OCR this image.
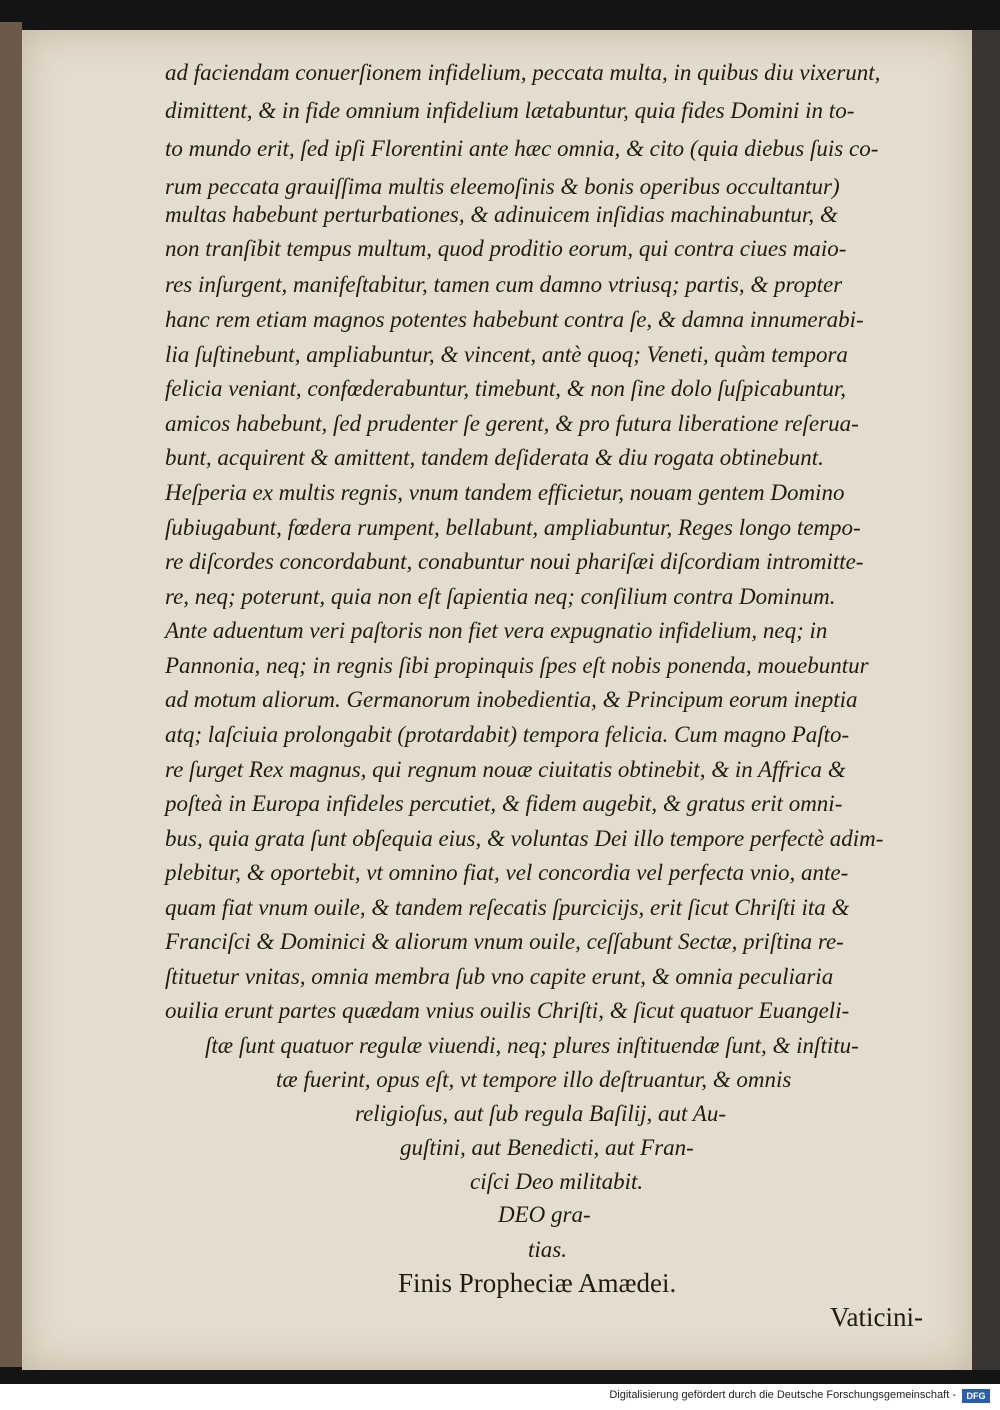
ad faciendam conuerſionem infidelium, peccata multa, in quibus diu vixerunt,
dimittent, & in fide omnium infidelium lætabuntur, quia fides Domini in to-
to mundo erit, ſed ipſi Florentini ante hæc omnia, & cito (quia diebus ſuis co-
rum peccata grauiſſima multis eleemoſinis & bonis operibus occultantur)
multas habebunt perturbationes, & adinuicem inſidias machinabuntur, &
non tranſibit tempus multum, quod proditio eorum, qui contra ciues maio-
res inſurgent, manifeſtabitur, tamen cum damno vtriusq; partis, & propter
hanc rem etiam magnos potentes habebunt contra ſe, & damna innumerabi-
lia ſuſtinebunt, ampliabuntur, & vincent, antè quoq; Veneti, quàm tempora
felicia veniant, confœderabuntur, timebunt, & non ſine dolo ſuſpicabuntur,
amicos habebunt, ſed prudenter ſe gerent, & pro futura liberatione reſerua-
bunt, acquirent & amittent, tandem deſiderata & diu rogata obtinebunt.
Heſperia ex multis regnis, vnum tandem efficietur, nouam gentem Domino
ſubiugabunt, fœdera rumpent, bellabunt, ampliabuntur, Reges longo tempo-
re diſcordes concordabunt, conabuntur noui phariſæi diſcordiam intromitte-
re, neq; poterunt, quia non eſt ſapientia neq; conſilium contra Dominum.
Ante aduentum veri paſtoris non fiet vera expugnatio infidelium, neq; in
Pannonia, neq; in regnis ſibi propinquis ſpes eſt nobis ponenda, mouebuntur
ad motum aliorum. Germanorum inobedientia, & Principum eorum ineptia
atq; laſciuia prolongabit (protardabit) tempora felicia. Cum magno Paſto-
re ſurget Rex magnus, qui regnum nouæ ciuitatis obtinebit, & in Affrica &
poſteà in Europa infideles percutiet, & fidem augebit, & gratus erit omni-
bus, quia grata ſunt obſequia eius, & voluntas Dei illo tempore perfectè adim-
plebitur, & oportebit, vt omnino fiat, vel concordia vel perfecta vnio, ante-
quam fiat vnum ouile, & tandem reſecatis ſpurcicijs, erit ſicut Chriſti ita &
Franciſci & Dominici & aliorum vnum ouile, ceſſabunt Sectæ, priſtina re-
ſtituetur vnitas, omnia membra ſub vno capite erunt, & omnia peculiaria
ouilia erunt partes quædam vnius ouilis Chriſti, & ſicut quatuor Euangeli-
ſtæ ſunt quatuor regulæ viuendi, neq; plures inſtituendæ ſunt, & inſtitu-
tæ fuerint, opus eſt, vt tempore illo deſtruantur, & omnis
religioſus, aut ſub regula Baſilij, aut Au-
guſtini, aut Benedicti, aut Fran-
ciſci Deo militabit.
DEO gra-
tias.
Finis Propheciæ Amædei.
Vaticini-
Digitalisierung gefördert durch die Deutsche Forschungsgemeinschaft -	DFG
